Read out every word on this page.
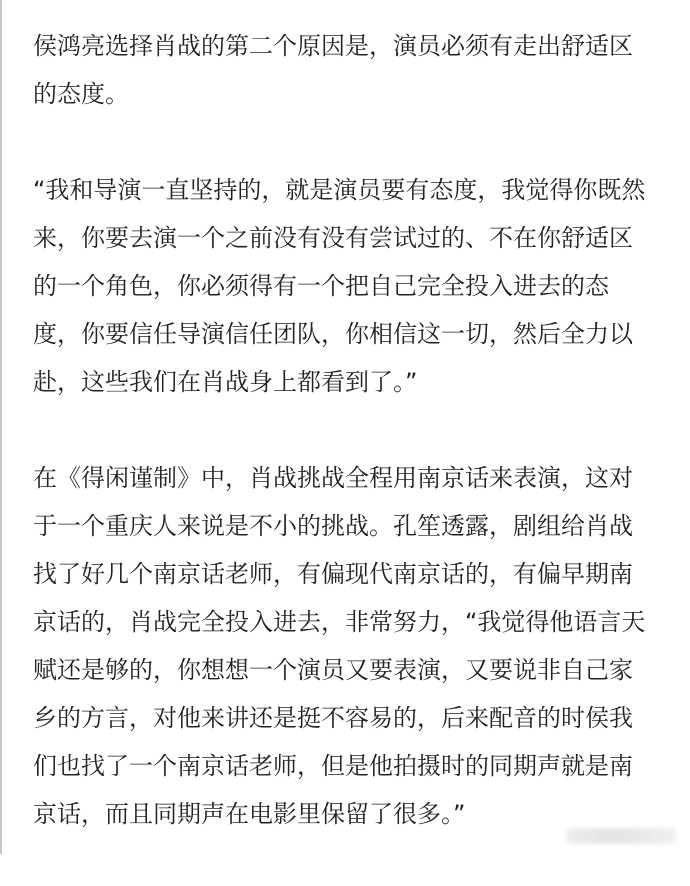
侯鸿亮选择肖战的第二个原因是，演员必须有走出舒适区
的态度。

“我和导演一直坚持的，就是演员要有态度，我觉得你既然
来，你要去演一个之前没有没有尝试过的、不在你舒适区
的一个角色，你必须得有一个把自己完全投入进去的态
度，你要信任导演信任团队，你相信这一切，然后全力以
赴，这些我们在肖战身上都看到了。”

在《得闲谨制》中，肖战挑战全程用南京话来表演，这对
于一个重庆人来说是不小的挑战。孔笙透露，剧组给肖战
找了好几个南京话老师，有偏现代南京话的，有偏早期南
京话的，肖战完全投入进去，非常努力，“我觉得他语言天
赋还是够的，你想想一个演员又要表演，又要说非自己家
乡的方言，对他来讲还是挺不容易的，后来配音的时侯我
们也找了一个南京话老师，但是他拍摄时的同期声就是南
京话，而且同期声在电影里保留了很多。”
